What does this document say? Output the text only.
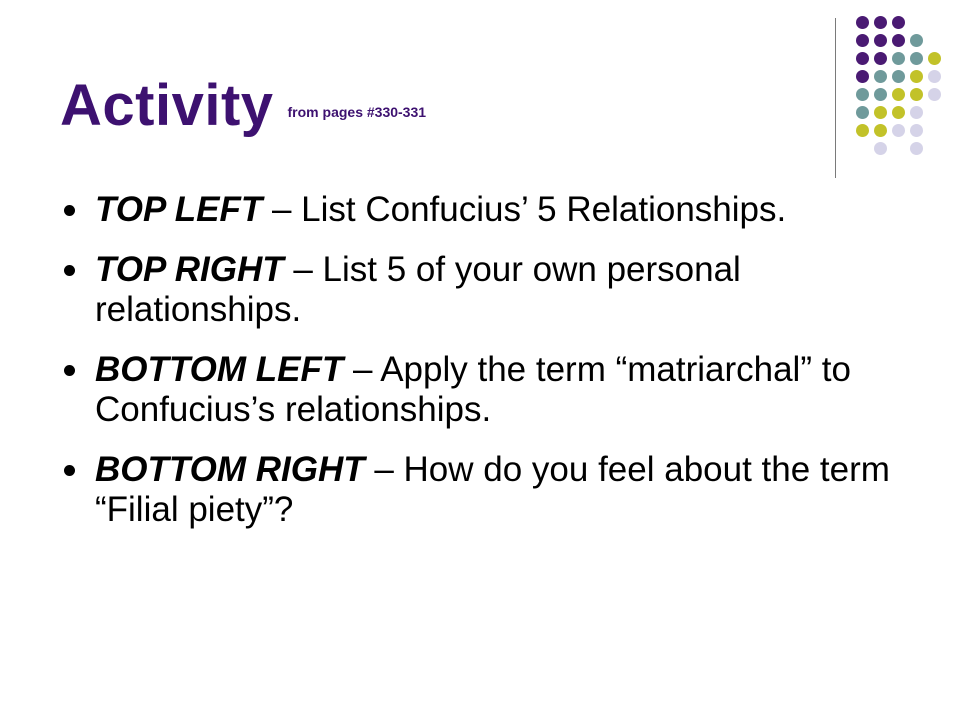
Activity from pages #330-331
TOP LEFT – List Confucius’ 5 Relationships.
TOP RIGHT – List 5 of your own personal relationships.
BOTTOM LEFT – Apply the term “matriarchal” to Confucius’s relationships.
BOTTOM RIGHT – How do you feel about the term “Filial piety”?
